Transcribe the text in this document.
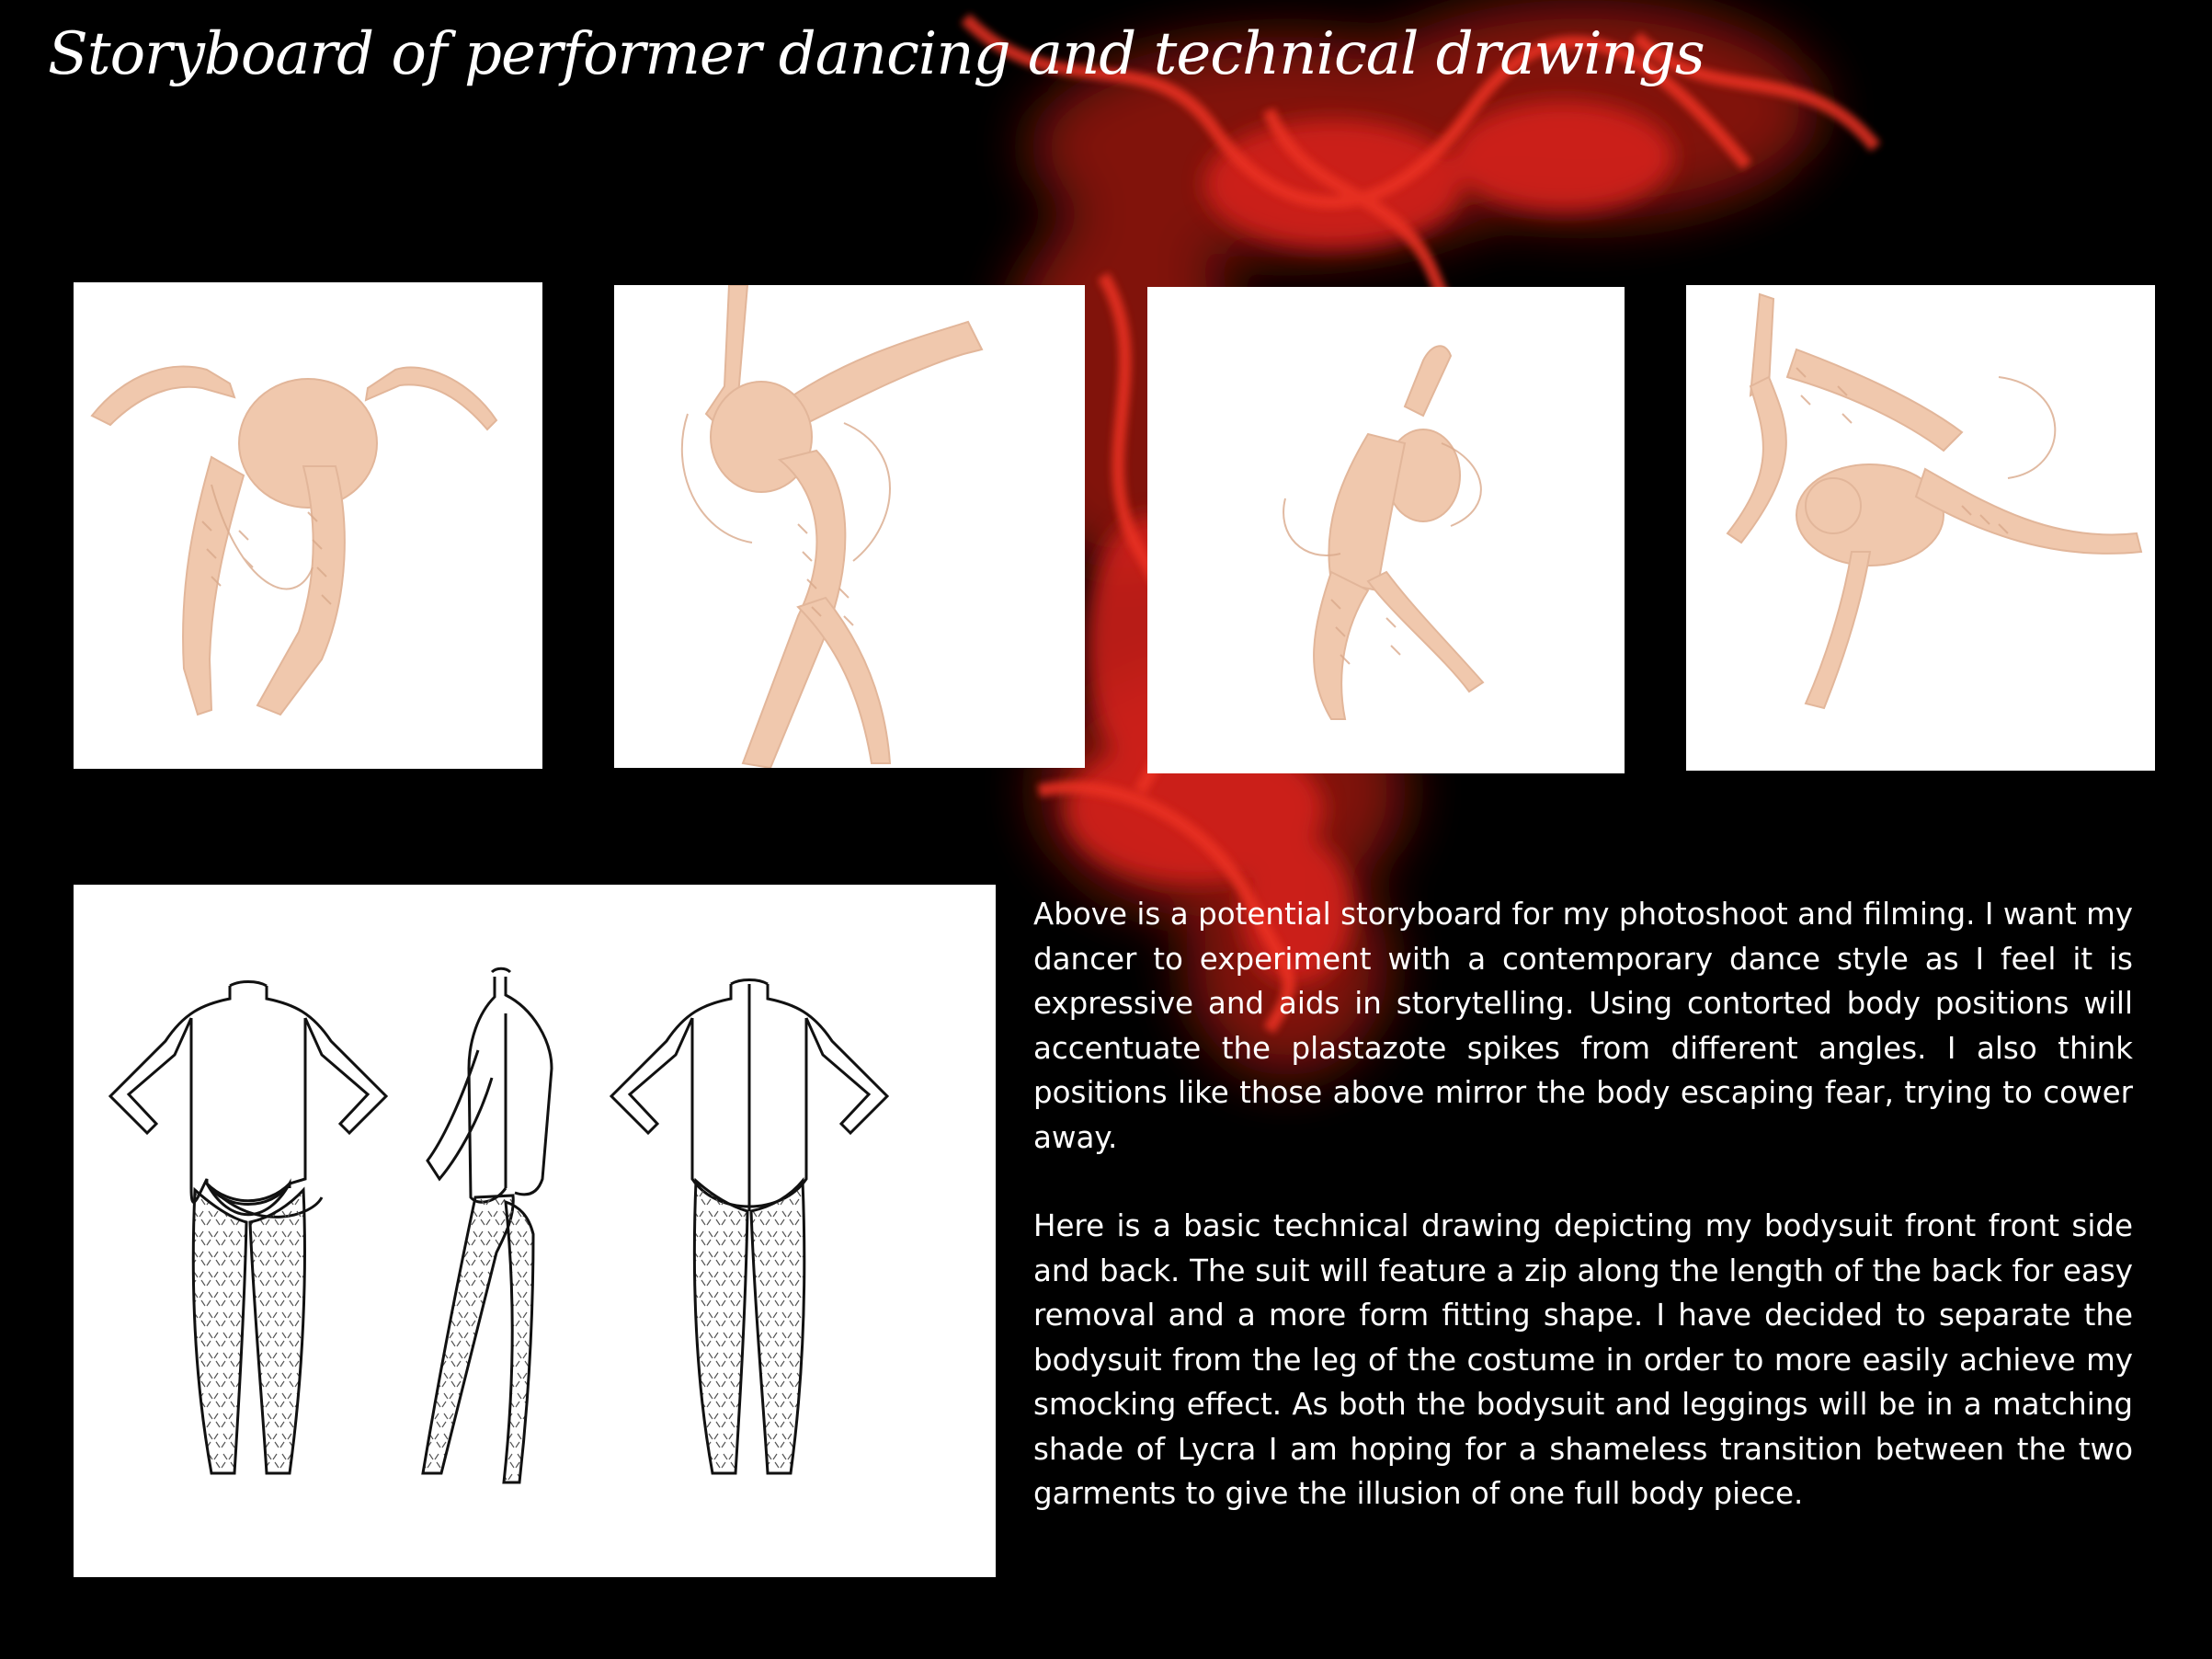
Storyboard of performer dancing and technical drawings

Above is a potential storyboard for my photoshoot and filming. I want my dancer to experiment with a contemporary dance style as I feel it is expressive and aids in storytelling. Using contorted body positions will accentuate the plastazote spikes from different angles. I also think positions like those above mirror the body escaping fear, trying to cower away.

Here is a basic technical drawing depicting my bodysuit front front side and back. The suit will feature a zip along the length of the back for easy removal and a more form fitting shape. I have decided to separate the bodysuit from the leg of the costume in order to more easily achieve my smocking effect. As both the bodysuit and leggings will be in a matching shade of Lycra I am hoping for a shameless transition between the two garments to give the illusion of one full body piece.
